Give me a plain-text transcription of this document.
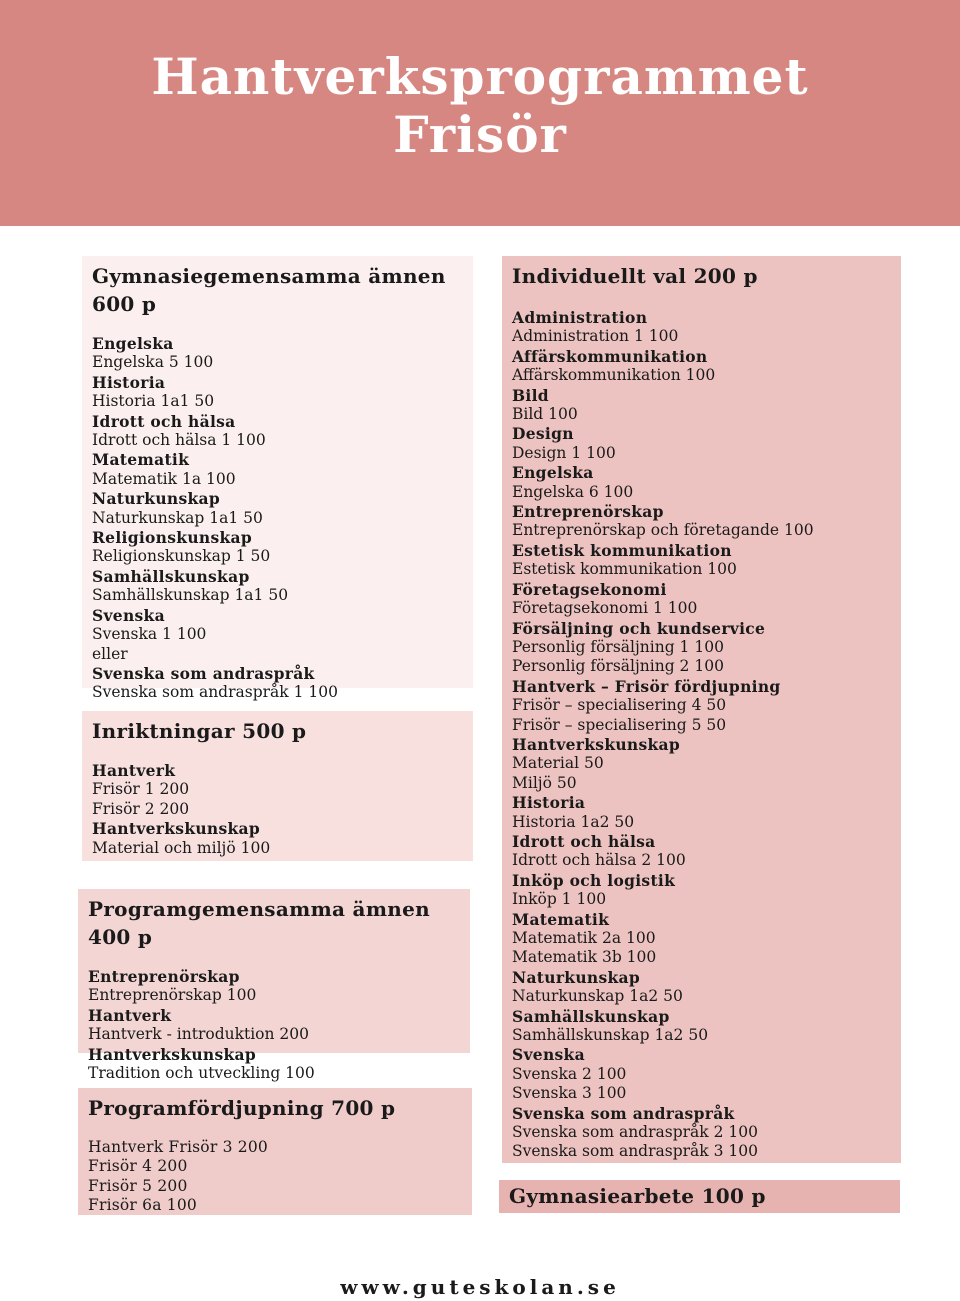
Hantverksprogrammet
Frisör
Gymnasiegemensamma ämnen 600 p
Engelska
Engelska 5 100
Historia
Historia 1a1 50
Idrott och hälsa
Idrott och hälsa 1 100
Matematik
Matematik 1a 100
Naturkunskap
Naturkunskap 1a1 50
Religionskunskap
Religionskunskap 1 50
Samhällskunskap
Samhällskunskap 1a1 50
Svenska
Svenska 1 100
eller
Svenska som andraspråk
Svenska som andraspråk 1 100
Inriktningar 500 p
Hantverk
Frisör 1 200
Frisör 2 200
Hantverkskunskap
Material och miljö 100
Programgemensamma ämnen 400 p
Entreprenörskap
Entreprenörskap 100
Hantverk
Hantverk - introduktion 200
Hantverkskunskap
Tradition och utveckling 100
Programfördjupning 700 p
Hantverk Frisör 3 200
Frisör 4 200
Frisör 5 200
Frisör 6a 100
Individuellt val 200 p
Administration
Administration 1 100
Affärskommunikation
Affärskommunikation 100
Bild
Bild 100
Design
Design 1 100
Engelska
Engelska 6 100
Entreprenörskap
Entreprenörskap och företagande 100
Estetisk kommunikation
Estetisk kommunikation 100
Företagsekonomi
Företagsekonomi 1 100
Försäljning och kundservice
Personlig försäljning 1 100
Personlig försäljning 2 100
Hantverk – Frisör fördjupning
Frisör – specialisering 4 50
Frisör – specialisering 5 50
Hantverkskunskap
Material 50
Miljö 50
Historia
Historia 1a2 50
Idrott och hälsa
Idrott och hälsa 2 100
Inköp och logistik
Inköp 1 100
Matematik
Matematik 2a 100
Matematik 3b 100
Naturkunskap
Naturkunskap 1a2 50
Samhällskunskap
Samhällskunskap 1a2 50
Svenska
Svenska 2 100
Svenska 3 100
Svenska som andraspråk
Svenska som andraspråk 2 100
Svenska som andraspråk 3 100
Gymnasiearbete 100 p
www.guteskolan.se
